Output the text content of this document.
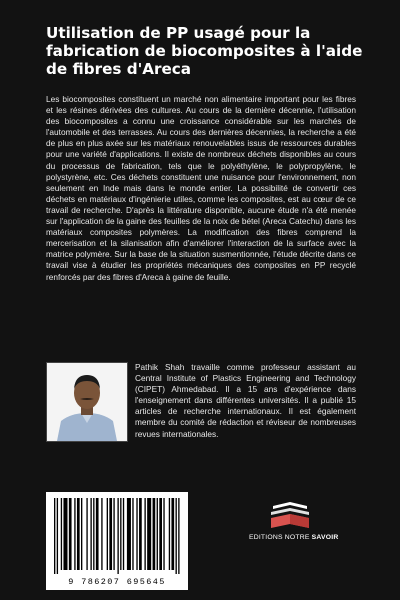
Utilisation de PP usagé pour la fabrication de biocomposites à l'aide de fibres d'Areca

Les biocomposites constituent un marché non alimentaire important pour les fibres et les résines dérivées des cultures. Au cours de la dernière décennie, l'utilisation des biocomposites a connu une croissance considérable sur les marchés de l'automobile et des terrasses. Au cours des dernières décennies, la recherche a été de plus en plus axée sur les matériaux renouvelables issus de ressources durables pour une variété d'applications. Il existe de nombreux déchets disponibles au cours du processus de fabrication, tels que le polyéthylène, le polypropylène, le polystyrène, etc. Ces déchets constituent une nuisance pour l'environnement, non seulement en Inde mais dans le monde entier. La possibilité de convertir ces déchets en matériaux d'ingénierie utiles, comme les composites, est au cœur de ce travail de recherche. D'après la littérature disponible, aucune étude n'a été menée sur l'application de la gaine des feuilles de la noix de bétel (Areca Catechu) dans les matériaux composites polymères. La modification des fibres comprend la mercerisation et la silanisation afin d'améliorer l'interaction de la surface avec la matrice polymère. Sur la base de la situation susmentionnée, l'étude décrite dans ce travail vise à étudier les propriétés mécaniques des composites en PP recyclé renforcés par des fibres d'Areca à gaine de feuille.

Pathik Shah travaille comme professeur assistant au Central Institute of Plastics Engineering and Technology (CIPET) Ahmedabad. Il a 15 ans d'expérience dans l'enseignement dans différentes universités. Il a publié 15 articles de recherche internationaux. Il est également membre du comité de rédaction et réviseur de nombreuses revues internationales.

9 786207 695645
EDITIONS NOTRE SAVOIR
